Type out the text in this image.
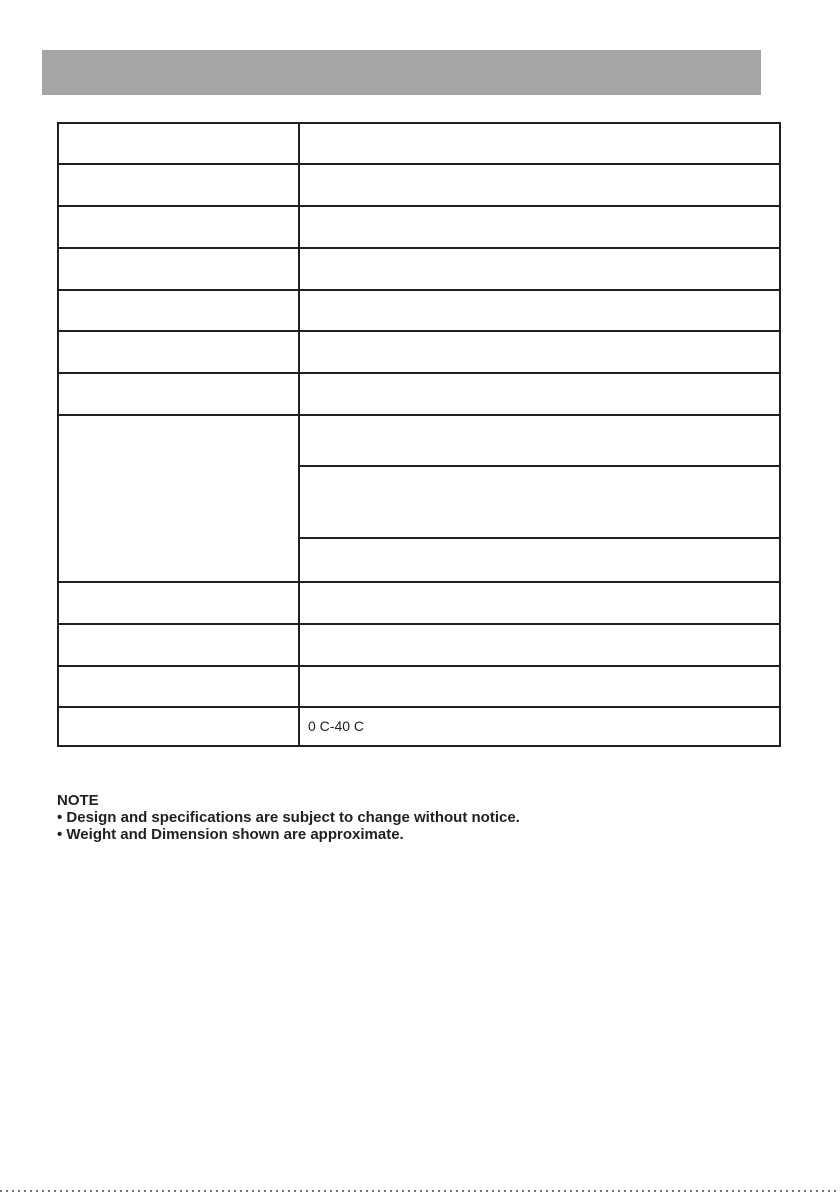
0 C-40 C
NOTE
• Design and specifications are subject to change without notice.
• Weight and Dimension shown are approximate.
